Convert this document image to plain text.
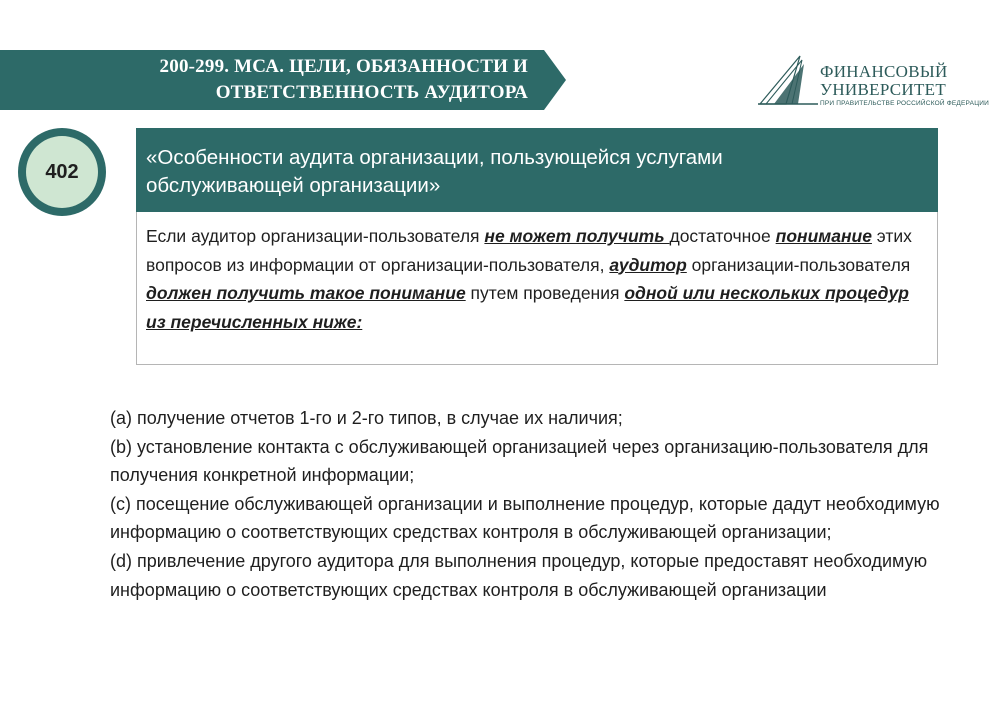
200-299. МСА. ЦЕЛИ, ОБЯЗАННОСТИ И
ОТВЕТСТВЕННОСТЬ АУДИТОРА
ФИНАНСОВЫЙ
УНИВЕРСИТЕТ
ПРИ ПРАВИТЕЛЬСТВЕ РОССИЙСКОЙ ФЕДЕРАЦИИ
402
«Особенности аудита организации, пользующейся услугами обслуживающей организации»
Если аудитор организации-пользователя не может получить достаточное понимание этих вопросов из информации от организации-пользователя, аудитор организации-пользователя должен получить такое понимание путем проведения одной или нескольких процедур из перечисленных ниже:
(a) получение отчетов 1-го и 2-го типов, в случае их наличия;
(b) установление контакта с обслуживающей организацией через организацию-пользователя для получения конкретной информации;
(c) посещение обслуживающей организации и выполнение процедур, которые дадут необходимую информацию о соответствующих средствах контроля в обслуживающей организации;
(d) привлечение другого аудитора для выполнения процедур, которые предоставят необходимую информацию о соответствующих средствах контроля в обслуживающей организации
